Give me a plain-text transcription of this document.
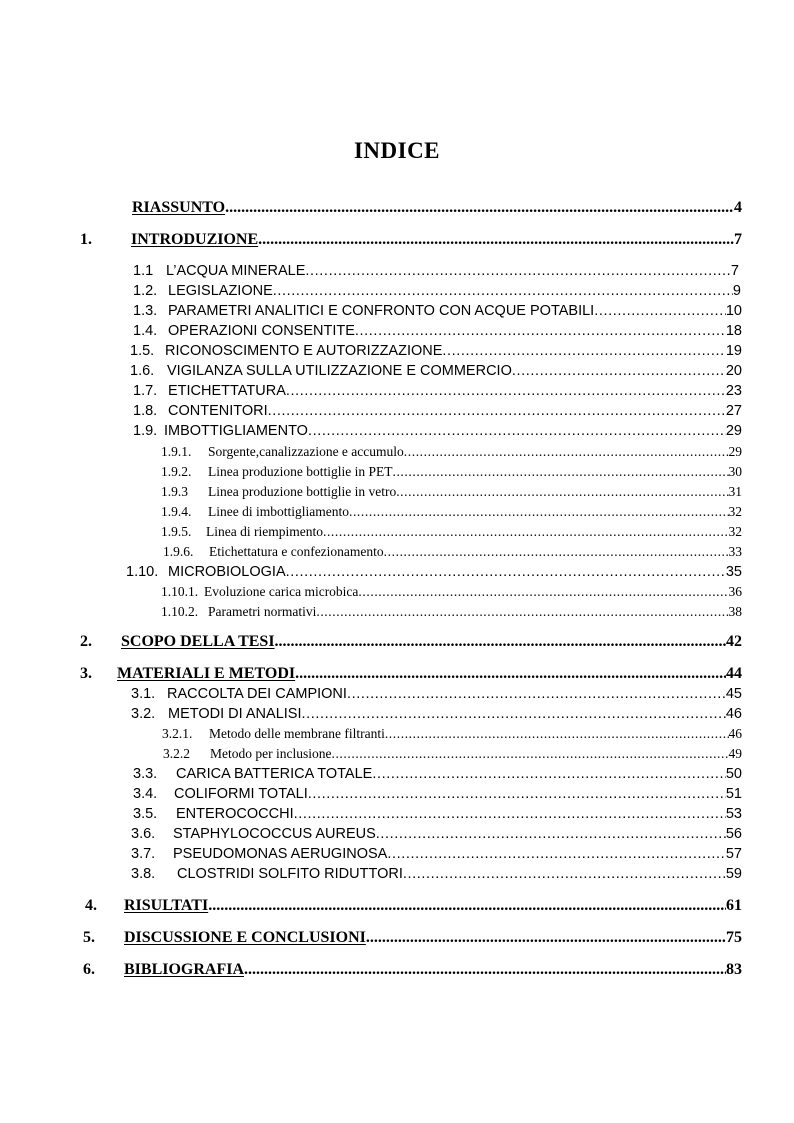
INDICE
RIASSUNTO .....	4
1. INTRODUZIONE .....	7
1.1 L’ACQUA MINERALE .....	7
1.2. LEGISLAZIONE .....	9
1.3. PARAMETRI ANALITICI E CONFRONTO CON ACQUE POTABILI .....	10
1.4. OPERAZIONI CONSENTITE .....	18
1.5. RICONOSCIMENTO E AUTORIZZAZIONE .....	19
1.6. VIGILANZA SULLA UTILIZZAZIONE E COMMERCIO .....	20
1.7. ETICHETTATURA .....	23
1.8. CONTENITORI .....	27
1.9. IMBOTTIGLIAMENTO .....	29
1.9.1. Sorgente,canalizzazione e accumulo .....	29
1.9.2. Linea produzione bottiglie in PET .....	30
1.9.3 Linea produzione bottiglie in vetro .....	31
1.9.4. Linee di imbottigliamento .....	32
1.9.5. Linea di riempimento .....	32
1.9.6. Etichettatura e confezionamento .....	33
1.10. MICROBIOLOGIA .....	35
1.10.1. Evoluzione carica microbica .....	36
1.10.2. Parametri normativi .....	38
2. SCOPO DELLA TESI .....	42
3. MATERIALI E METODI .....	44
3.1. RACCOLTA DEI CAMPIONI .....	45
3.2. METODI DI ANALISI .....	46
3.2.1. Metodo delle membrane filtranti .....	46
3.2.2 Metodo per inclusione .....	49
3.3. CARICA BATTERICA TOTALE .....	50
3.4. COLIFORMI TOTALI .....	51
3.5. ENTEROCOCCHI .....	53
3.6. STAPHYLOCOCCUS AUREUS .....	56
3.7. PSEUDOMONAS AERUGINOSA .....	57
3.8. CLOSTRIDI SOLFITO RIDUTTORI .....	59
4. RISULTATI .....	61
5. DISCUSSIONE E CONCLUSIONI .....	75
6. BIBLIOGRAFIA .....	83
